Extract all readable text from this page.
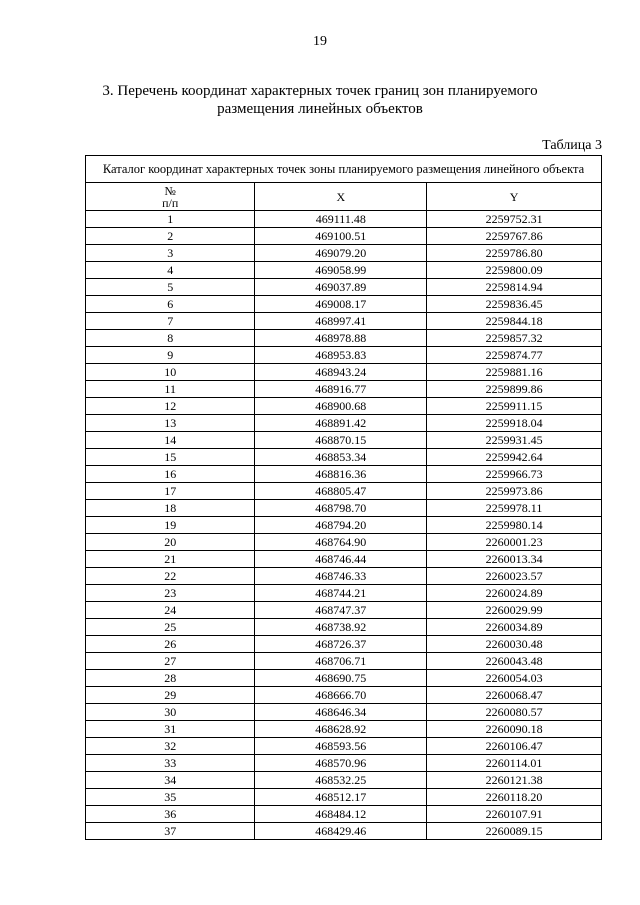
19
3. Перечень координат характерных точек границ зон планируемого
размещения линейных объектов
Таблица 3
Каталог координат характерных точек зоны планируемого размещения линейного объекта		

№
п/п	X	Y
1	469111.48	2259752.31
2	469100.51	2259767.86
3	469079.20	2259786.80
4	469058.99	2259800.09
5	469037.89	2259814.94
6	469008.17	2259836.45
7	468997.41	2259844.18
8	468978.88	2259857.32
9	468953.83	2259874.77
10	468943.24	2259881.16
11	468916.77	2259899.86
12	468900.68	2259911.15
13	468891.42	2259918.04
14	468870.15	2259931.45
15	468853.34	2259942.64
16	468816.36	2259966.73
17	468805.47	2259973.86
18	468798.70	2259978.11
19	468794.20	2259980.14
20	468764.90	2260001.23
21	468746.44	2260013.34
22	468746.33	2260023.57
23	468744.21	2260024.89
24	468747.37	2260029.99
25	468738.92	2260034.89
26	468726.37	2260030.48
27	468706.71	2260043.48
28	468690.75	2260054.03
29	468666.70	2260068.47
30	468646.34	2260080.57
31	468628.92	2260090.18
32	468593.56	2260106.47
33	468570.96	2260114.01
34	468532.25	2260121.38
35	468512.17	2260118.20
36	468484.12	2260107.91
37	468429.46	2260089.15
